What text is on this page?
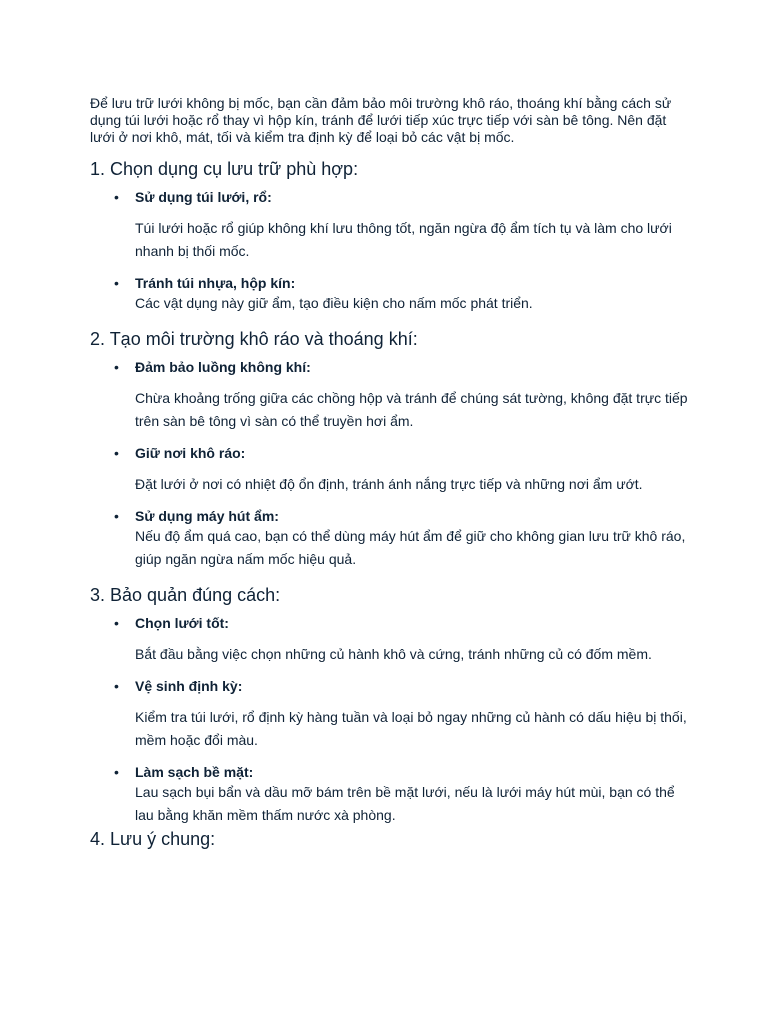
Để lưu trữ lưới không bị mốc, bạn cần đảm bảo môi trường khô ráo, thoáng khí bằng cách sử dụng túi lưới hoặc rổ thay vì hộp kín, tránh để lưới tiếp xúc trực tiếp với sàn bê tông. Nên đặt lưới ở nơi khô, mát, tối và kiểm tra định kỳ để loại bỏ các vật bị mốc.

1. Chọn dụng cụ lưu trữ phù hợp:
•	Sử dụng túi lưới, rổ:

Túi lưới hoặc rổ giúp không khí lưu thông tốt, ngăn ngừa độ ẩm tích tụ và làm cho lưới nhanh bị thối mốc.

•	Tránh túi nhựa, hộp kín:

Các vật dụng này giữ ẩm, tạo điều kiện cho nấm mốc phát triển.

2. Tạo môi trường khô ráo và thoáng khí:
•	Đảm bảo luồng không khí:

Chừa khoảng trống giữa các chồng hộp và tránh để chúng sát tường, không đặt trực tiếp trên sàn bê tông vì sàn có thể truyền hơi ẩm.

•	Giữ nơi khô ráo:

Đặt lưới ở nơi có nhiệt độ ổn định, tránh ánh nắng trực tiếp và những nơi ẩm ướt.

•	Sử dụng máy hút ẩm:

Nếu độ ẩm quá cao, bạn có thể dùng máy hút ẩm để giữ cho không gian lưu trữ khô ráo, giúp ngăn ngừa nấm mốc hiệu quả.

3. Bảo quản đúng cách:
•	Chọn lưới tốt:

Bắt đầu bằng việc chọn những củ hành khô và cứng, tránh những củ có đốm mềm.

•	Vệ sinh định kỳ:

Kiểm tra túi lưới, rổ định kỳ hàng tuần và loại bỏ ngay những củ hành có dấu hiệu bị thối, mềm hoặc đổi màu.

•	Làm sạch bề mặt:

Lau sạch bụi bẩn và dầu mỡ bám trên bề mặt lưới, nếu là lưới máy hút mùi, bạn có thể lau bằng khăn mềm thấm nước xà phòng.

4. Lưu ý chung:
